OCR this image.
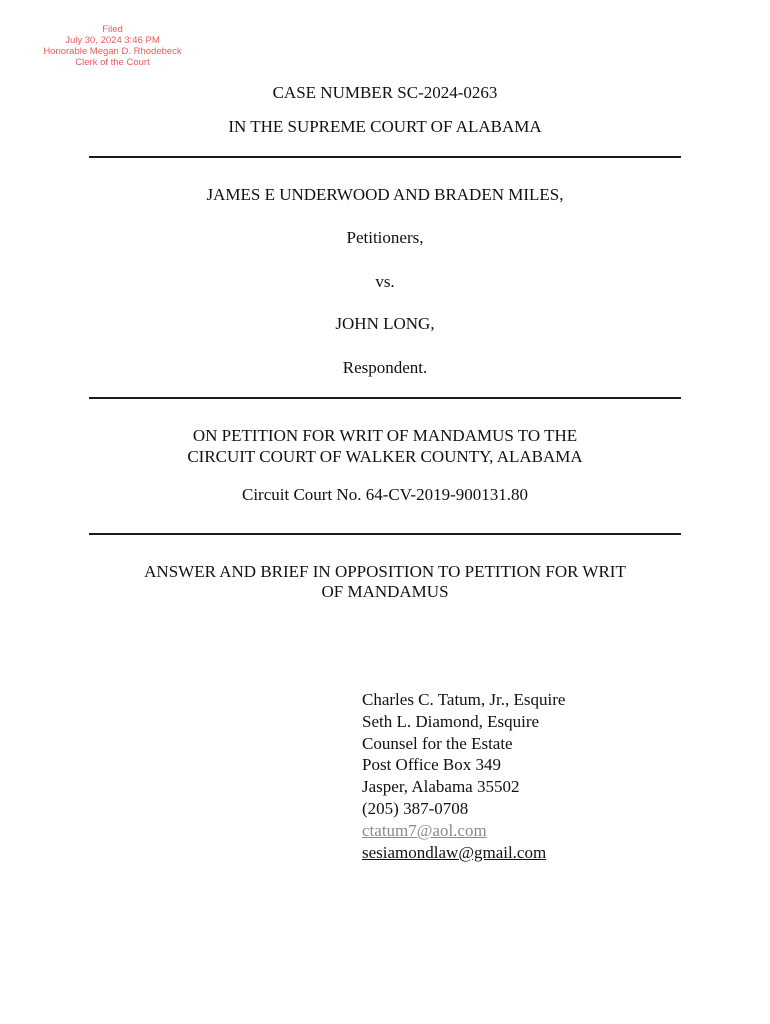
Filed
July 30, 2024 3:46 PM
Honorable Megan D. Rhodebeck
Clerk of the Court
CASE NUMBER SC-2024-0263
IN THE SUPREME COURT OF ALABAMA
JAMES E UNDERWOOD AND BRADEN MILES,
Petitioners,
vs.
JOHN LONG,
Respondent.
ON PETITION FOR WRIT OF MANDAMUS TO THE
CIRCUIT COURT OF WALKER COUNTY, ALABAMA
Circuit Court No. 64-CV-2019-900131.80
ANSWER AND BRIEF IN OPPOSITION TO PETITION FOR WRIT
OF MANDAMUS
Charles C. Tatum, Jr., Esquire
Seth L. Diamond, Esquire
Counsel for the Estate
Post Office Box 349
Jasper, Alabama 35502
(205) 387-0708
ctatum7@aol.com
sesiamondlaw@gmail.com
